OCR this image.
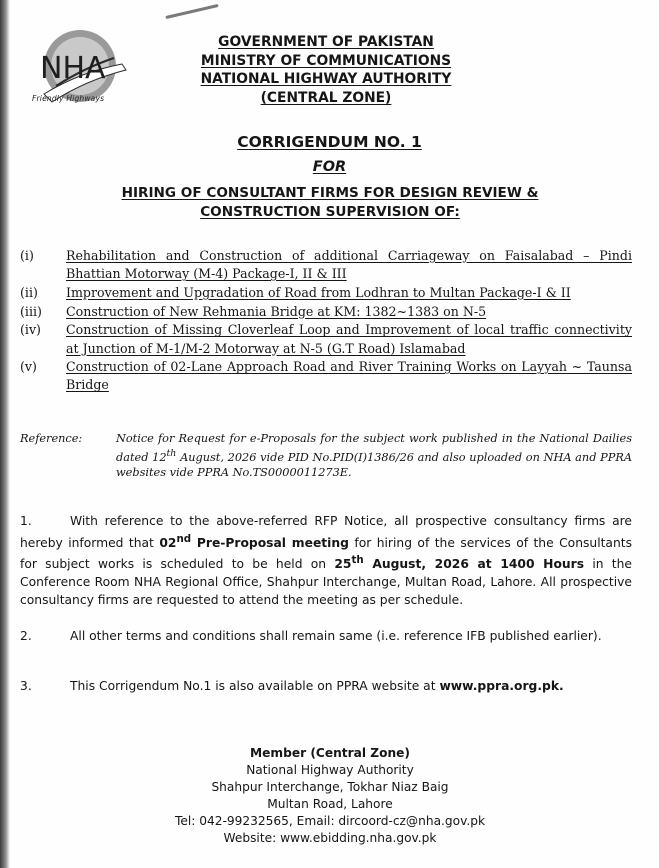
NHA
Friendly Highways
GOVERNMENT OF PAKISTAN
MINISTRY OF COMMUNICATIONS
NATIONAL HIGHWAY AUTHORITY
(CENTRAL ZONE)
CORRIGENDUM NO. 1
FOR
HIRING OF CONSULTANT FIRMS FOR DESIGN REVIEW &
CONSTRUCTION SUPERVISION OF:
(i)	Rehabilitation and Construction of additional Carriageway on Faisalabad – Pindi Bhattian Motorway (M-4) Package-I, II & III
(ii)	Improvement and Upgradation of Road from Lodhran to Multan Package-I & II
(iii)	Construction of New Rehmania Bridge at KM: 1382~1383 on N-5
(iv)	Construction of Missing Cloverleaf Loop and Improvement of local traffic connectivity at Junction of M-1/M-2 Motorway at N-5 (G.T Road) Islamabad
(v)	Construction of 02-Lane Approach Road and River Training Works on Layyah ~ Taunsa Bridge
Reference:	Notice for Request for e-Proposals for the subject work published in the National Dailies dated 12th August, 2026 vide PID No.PID(I)1386/26 and also uploaded on NHA and PPRA websites vide PPRA No.TS0000011273E.
1.	With reference to the above-referred RFP Notice, all prospective consultancy firms are hereby informed that 02nd Pre-Proposal meeting for hiring of the services of the Consultants for subject works is scheduled to be held on 25th August, 2026 at 1400 Hours in the Conference Room NHA Regional Office, Shahpur Interchange, Multan Road, Lahore. All prospective consultancy firms are requested to attend the meeting as per schedule.
2.	All other terms and conditions shall remain same (i.e. reference IFB published earlier).
3.	This Corrigendum No.1 is also available on PPRA website at www.ppra.org.pk.
Member (Central Zone)
National Highway Authority
Shahpur Interchange, Tokhar Niaz Baig
Multan Road, Lahore
Tel: 042-99232565, Email: dircoord-cz@nha.gov.pk
Website: www.ebidding.nha.gov.pk
